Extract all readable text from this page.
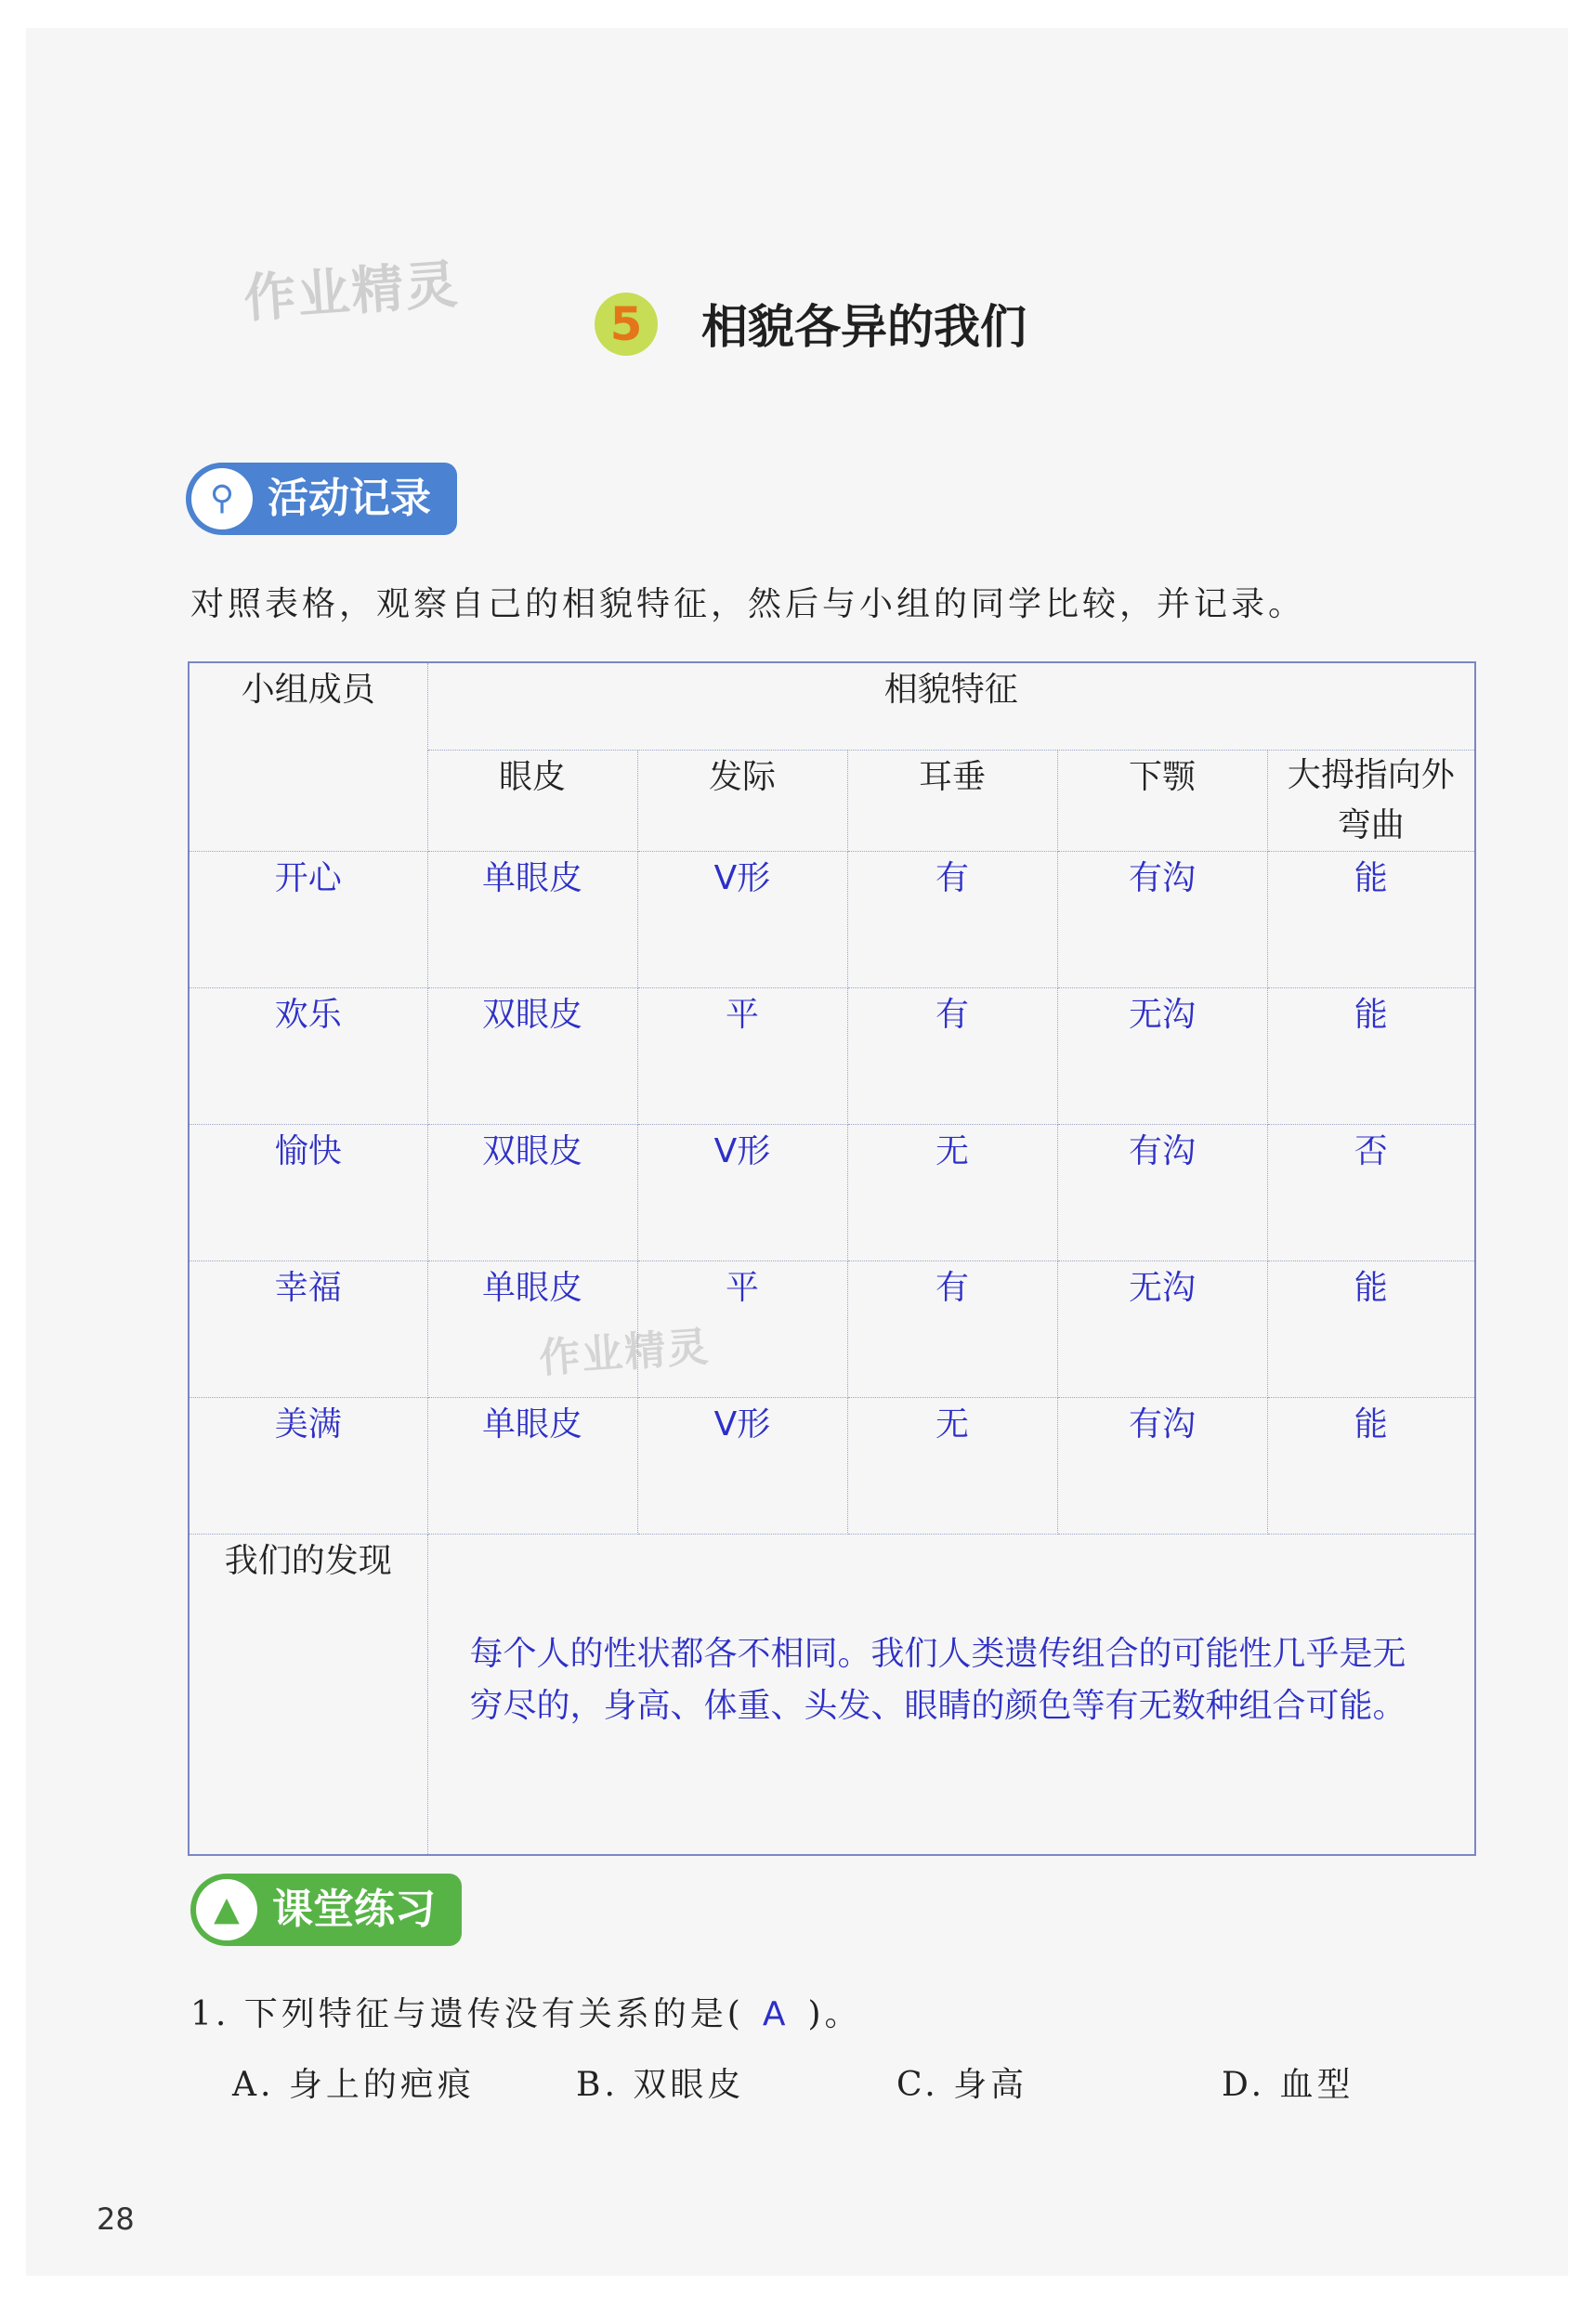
作业精灵
作业精灵
5	相貌各异的我们
⚲ 活动记录
对照表格，观察自己的相貌特征，然后与小组的同学比较，并记录。
小组成员	相貌特征				
	眼皮	发际	耳垂	下颚	大拇指向外弯曲
开心	单眼皮	V形	有	有沟	能
欢乐	双眼皮	平	有	无沟	能
愉快	双眼皮	V形	无	有沟	否
幸福	单眼皮	平	有	无沟	能
美满	单眼皮	V形	无	有沟	能
我们的发现	每个人的性状都各不相同。我们人类遗传组合的可能性几乎是无穷尽的，身高、体重、头发、眼睛的颜色等有无数种组合可能。				
▲ 课堂练习
1. 下列特征与遗传没有关系的是( A )。
A. 身上的疤痕	B. 双眼皮	C. 身高	D. 血型
28
